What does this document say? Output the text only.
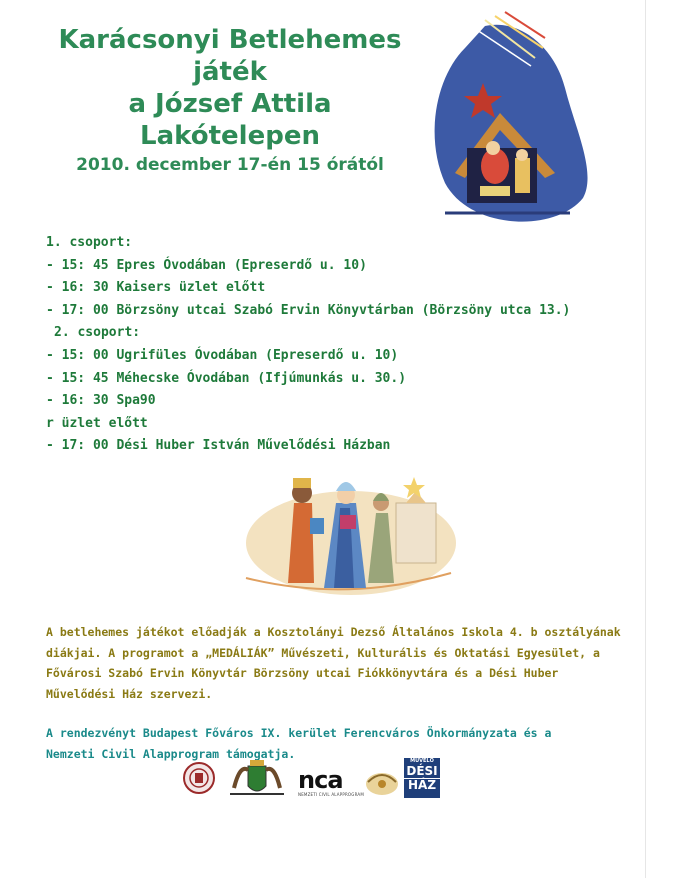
Karácsonyi Betlehemes
játék
a József Attila
Lakótelepen
2010. december 17-én 15 órától
1. csoport:
- 15: 45 Epres Óvodában (Epreserdő u. 10)
- 16: 30 Kaisers üzlet előtt
- 17: 00 Börzsöny utcai Szabó Ervin Könyvtárban (Börzsöny utca 13.)
2. csoport:
- 15: 00 Ugrifüles Óvodában (Epreserdő u. 10)
- 15: 45 Méhecske Óvodában (Ifjúmunkás u. 30.)
- 16: 30 Spa90
r üzlet előtt
- 17: 00 Dési Huber István Művelődési Házban
A betlehemes játékot előadják a Kosztolányi Dezső Általános Iskola 4. b osztályának
diákjai. A programot a „MEDÁLIÁK” Művészeti, Kulturális és Oktatási Egyesület, a
Fővárosi Szabó Ervin Könyvtár Börzsöny utcai Fiókkönyvtára és a Dési Huber
Művelődési Ház szervezi.
A rendezvényt Budapest Főváros IX. kerület Ferencváros Önkormányzata és a
Nemzeti Civil Alapprogram támogatja.
nca
NEMZETI CIVIL ALAPPROGRAM
MŰVELŐ
DÉSI
HÁZ
